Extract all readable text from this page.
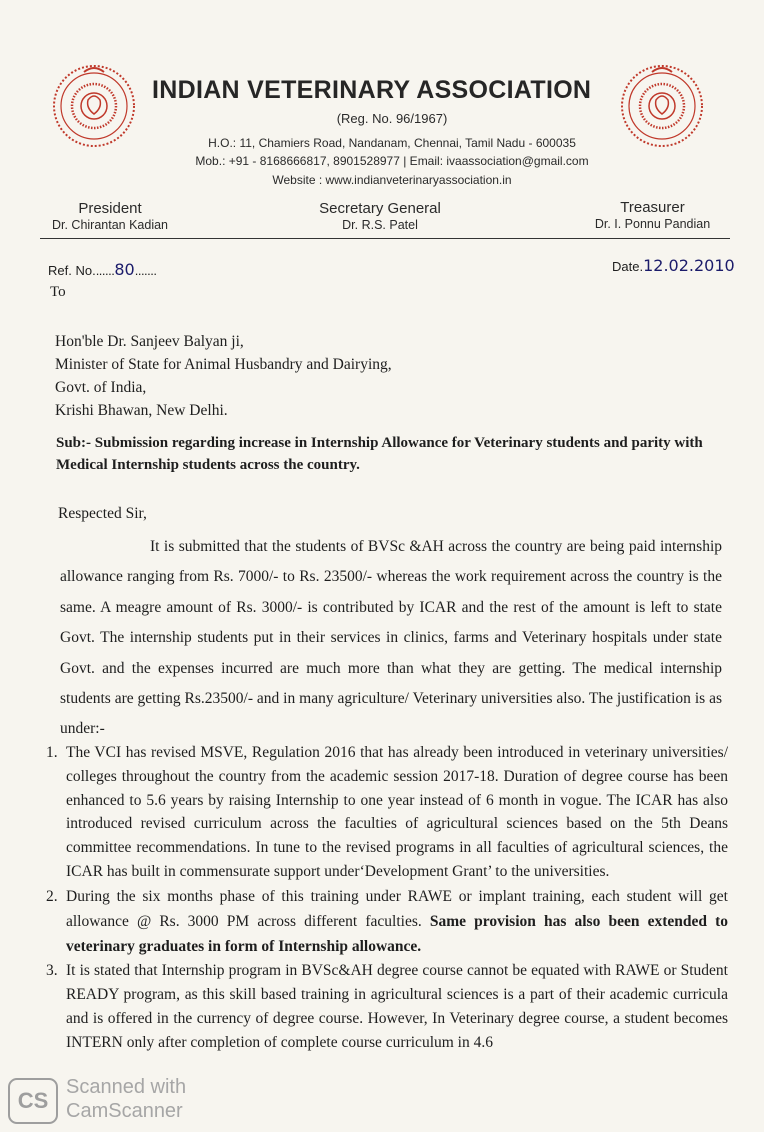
INDIAN VETERINARY ASSOCIATION
(Reg. No. 96/1967)
H.O.: 11, Chamiers Road, Nandanam, Chennai, Tamil Nadu - 600035
Mob.: +91 - 8168666817, 8901528977 | Email: ivaassociation@gmail.com
Website : www.indianveterinaryassociation.in
President
Dr. Chirantan Kadian
Secretary General
Dr. R.S. Patel
Treasurer
Dr. I. Ponnu Pandian
Ref. No.......80.......	Date.12.02.2010
To
Hon'ble Dr. Sanjeev Balyan ji,
Minister of State for Animal Husbandry and Dairying,
Govt. of India,
Krishi Bhawan, New Delhi.
Sub:- Submission regarding increase in Internship Allowance for Veterinary students and parity with Medical Internship students across the country.
Respected Sir,
It is submitted that the students of BVSc &AH across the country are being paid internship allowance ranging from Rs. 7000/- to Rs. 23500/- whereas the work requirement across the country is the same. A meagre amount of Rs. 3000/- is contributed by ICAR and the rest of the amount is left to state Govt. The internship students put in their services in clinics, farms and Veterinary hospitals under state Govt. and the expenses incurred are much more than what they are getting. The medical internship students are getting Rs.23500/- and in many agriculture/ Veterinary universities also. The justification is as under:-
1. The VCI has revised MSVE, Regulation 2016 that has already been introduced in veterinary universities/ colleges throughout the country from the academic session 2017-18. Duration of degree course has been enhanced to 5.6 years by raising Internship to one year instead of 6 month in vogue. The ICAR has also introduced revised curriculum across the faculties of agricultural sciences based on the 5th Deans committee recommendations. In tune to the revised programs in all faculties of agricultural sciences, the ICAR has built in commensurate support under‘Development Grant’ to the universities.
2. During the six months phase of this training under RAWE or implant training, each student will get allowance @ Rs. 3000 PM across different faculties. Same provision has also been extended to veterinary graduates in form of Internship allowance.
3. It is stated that Internship program in BVSc&AH degree course cannot be equated with RAWE or Student READY program, as this skill based training in agricultural sciences is a part of their academic curricula and is offered in the currency of degree course. However, In Veterinary degree course, a student becomes INTERN only after completion of complete course curriculum in 4.6
CS
Scanned with
CamScanner
